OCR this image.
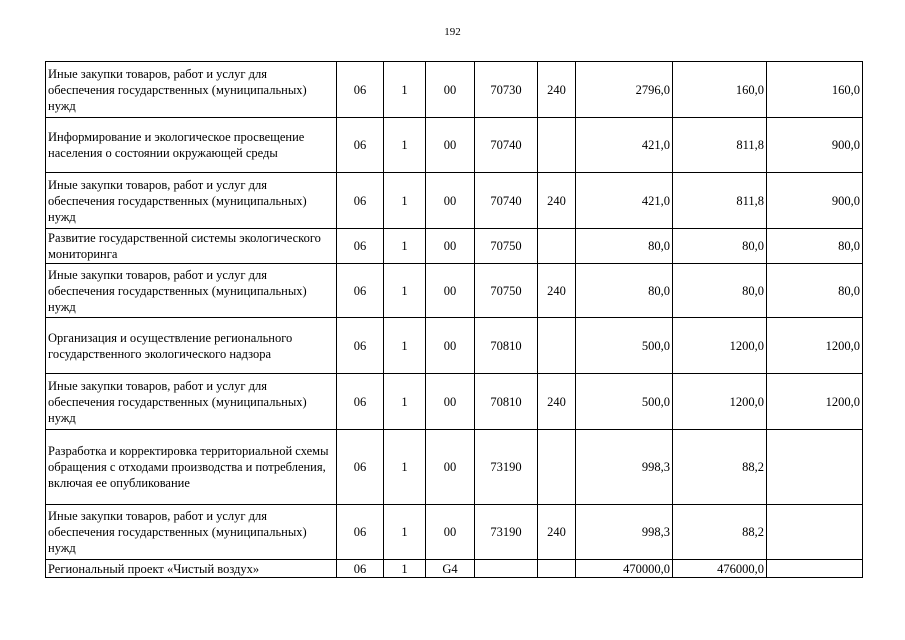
192
Иные закупки товаров, работ и услуг для обеспечения государственных (муниципальных) нужд	06	1	00	70730	240	2796,0	160,0	160,0
Информирование и экологическое просвещение населения о состоянии окружающей среды	06	1	00	70740		421,0	811,8	900,0
Иные закупки товаров, работ и услуг для обеспечения государственных (муниципальных) нужд	06	1	00	70740	240	421,0	811,8	900,0
Развитие государственной системы экологического мониторинга	06	1	00	70750		80,0	80,0	80,0
Иные закупки товаров, работ и услуг для обеспечения государственных (муниципальных) нужд	06	1	00	70750	240	80,0	80,0	80,0
Организация и осуществление регионального государственного экологического надзора	06	1	00	70810		500,0	1200,0	1200,0
Иные закупки товаров, работ и услуг для обеспечения государственных (муниципальных) нужд	06	1	00	70810	240	500,0	1200,0	1200,0
Разработка и корректировка территориальной схемы обращения с отходами производства и потребления, включая ее опубликование	06	1	00	73190		998,3	88,2	
Иные закупки товаров, работ и услуг для обеспечения государственных (муниципальных) нужд	06	1	00	73190	240	998,3	88,2	
Региональный проект «Чистый воздух»	06	1	G4			470000,0	476000,0	
